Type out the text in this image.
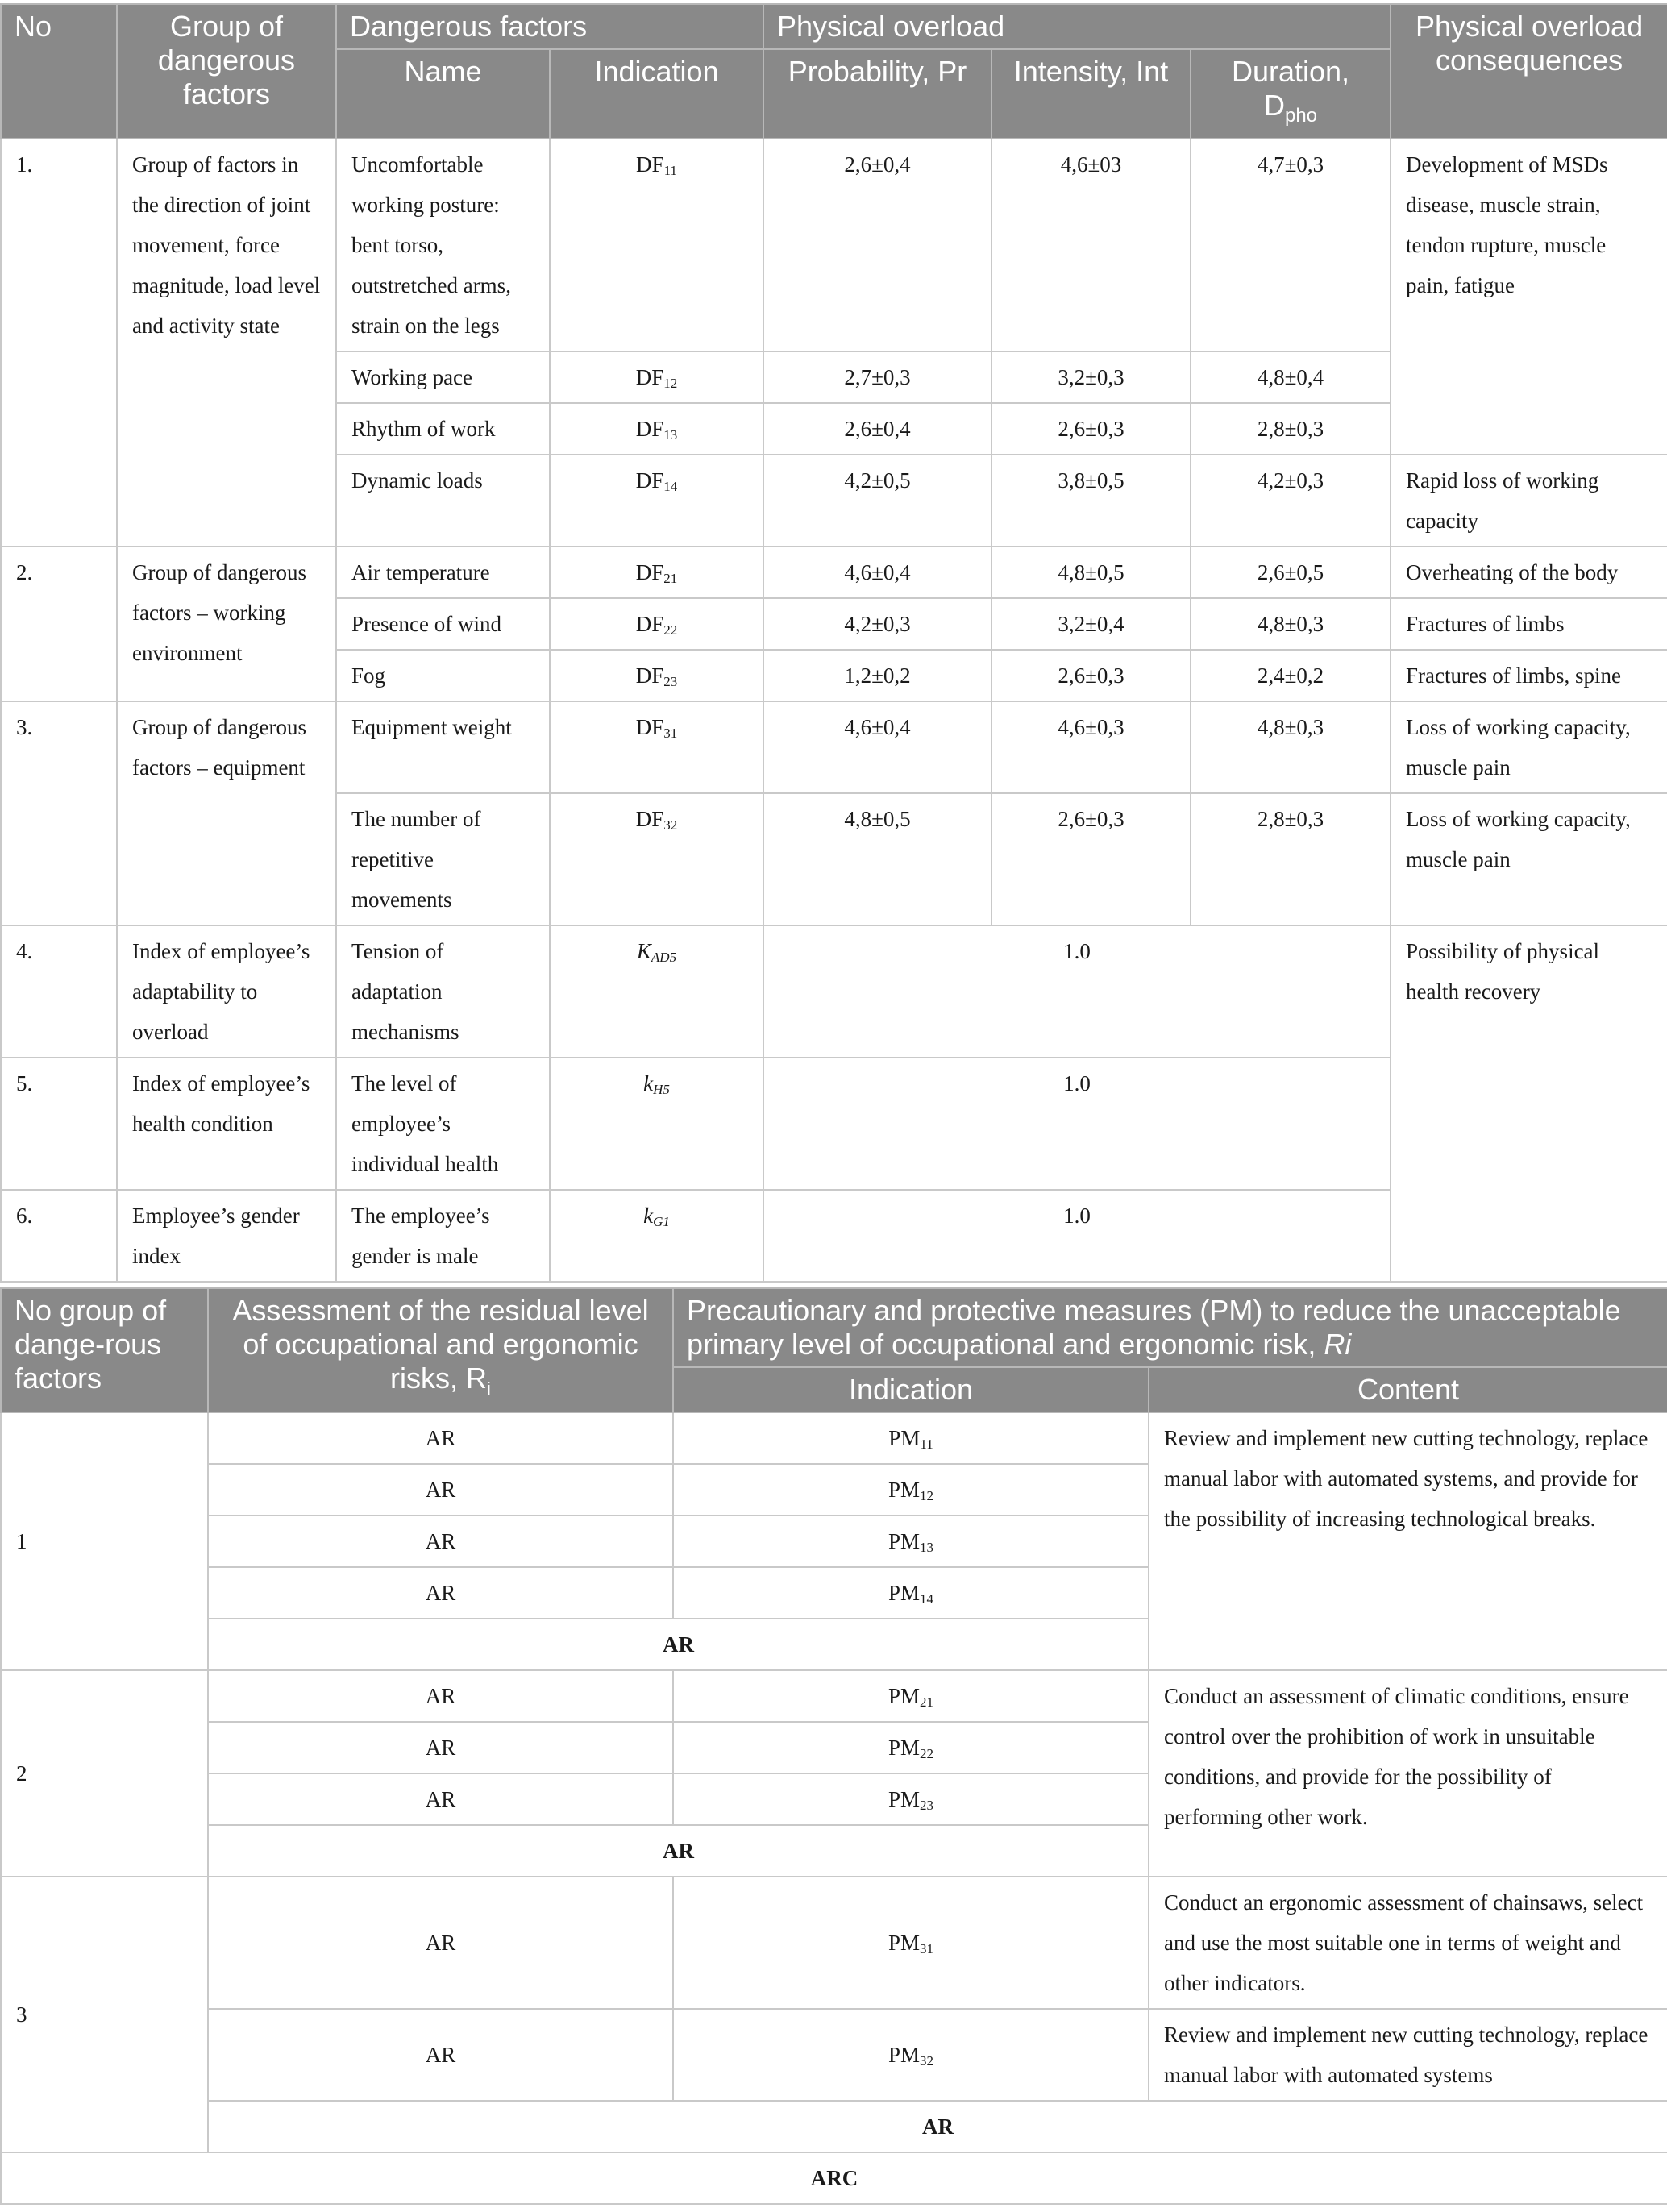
No	Group of dangerous factors	Dangerous factors		Physical overload			Physical overload consequences
		Name	Indication	Probability, Pr	Intensity, Int	Duration, $D_{pho}$
1.	Group of factors in the direction of joint movement, force magnitude, load level and activity state	Uncomfortable working posture: bent torso, outstretched arms, strain on the legs	$DF_{11}$	2,6±0,4	4,6±03	4,7±0,3	Development of MSDs disease, muscle strain, tendon rupture, muscle pain, fatigue
		Working pace	$DF_{12}$	2,7±0,3	3,2±0,3	4,8±0,4	
		Rhythm of work	$DF_{13}$	2,6±0,4	2,6±0,3	2,8±0,3	
		Dynamic loads	$DF_{14}$	4,2±0,5	3,8±0,5	4,2±0,3	Rapid loss of working capacity
2.	Group of dangerous factors – working environment	Air temperature	$DF_{21}$	4,6±0,4	4,8±0,5	2,6±0,5	Overheating of the body
		Presence of wind	$DF_{22}$	4,2±0,3	3,2±0,4	4,8±0,3	Fractures of limbs
		Fog	$DF_{23}$	1,2±0,2	2,6±0,3	2,4±0,2	Fractures of limbs, spine
3.	Group of dangerous factors – equipment	Equipment weight	$DF_{31}$	4,6±0,4	4,6±0,3	4,8±0,3	Loss of working capacity, muscle pain
		The number of repetitive movements	$DF_{32}$	4,8±0,5	2,6±0,3	2,8±0,3	Loss of working capacity, muscle pain
4.	Index of employee’s adaptability to overload	Tension of adaptation mechanisms	$K_{AD5}$	1.0			Possibility of physical health recovery
5.	Index of employee’s health condition	The level of employee’s individual health	$k_{H5}$	1.0			
6.	Employee’s gender index	The employee’s gender is male	$k_{G1}$	1.0			
No group of dange-rous factors	Assessment of the residual level of occupational and ergonomic risks, $R_i$	Precautionary and protective measures (PM) to reduce the unacceptable primary level of occupational and ergonomic risk, Ri	
		Indication	Content
1	AR	$PM_{11}$	Review and implement new cutting technology, replace manual labor with automated systems, and provide for the possibility of increasing technological breaks.
	AR	$PM_{12}$
	AR	$PM_{13}$
	AR	$PM_{14}$
	AR		
2	AR	$PM_{21}$	Conduct an assessment of climatic conditions, ensure control over the prohibition of work in unsuitable conditions, and provide for the possibility of performing other work.
	AR	$PM_{22}$
	AR	$PM_{23}$
	AR		
3	AR	$PM_{31}$	Conduct an ergonomic assessment of chainsaws, select and use the most suitable one in terms of weight and other indicators.
	AR	$PM_{32}$	Review and implement new cutting technology, replace manual labor with automated systems
	AR		
ARC			
